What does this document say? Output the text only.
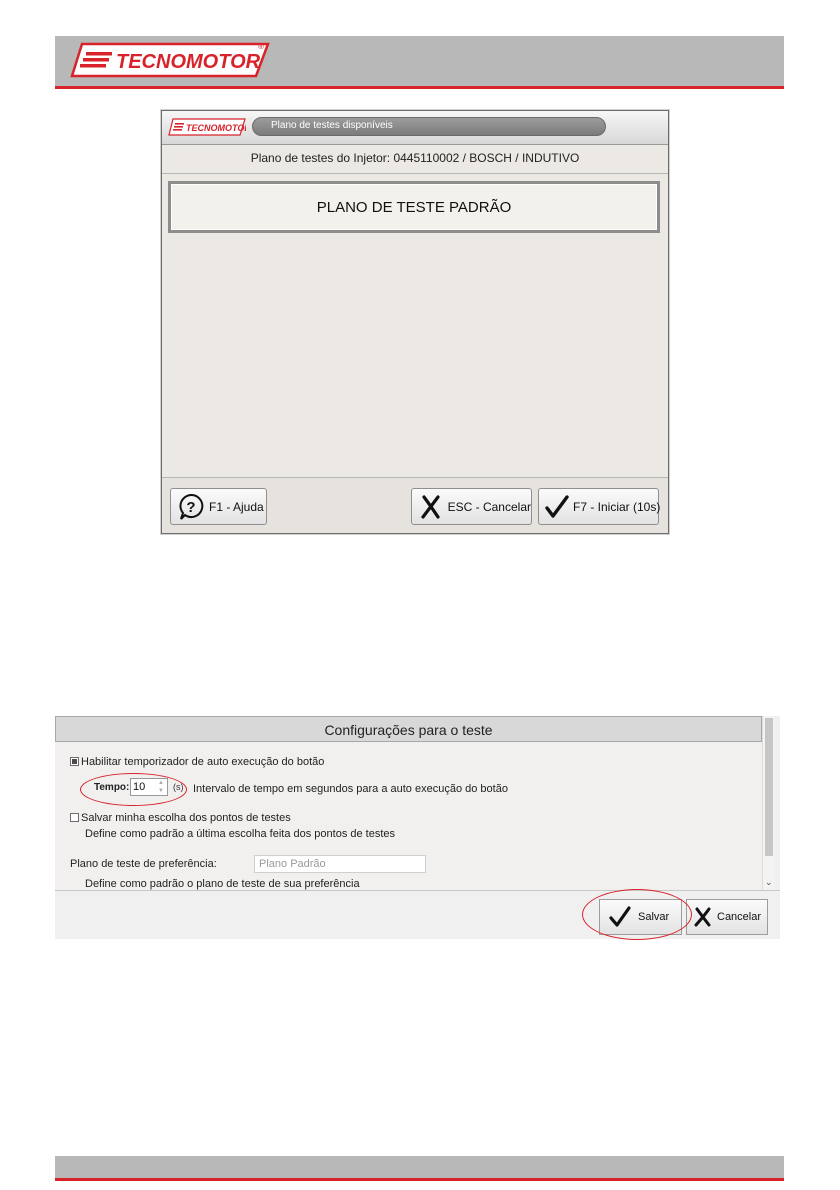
TECNOMOTOR
®
TECNOMOTOR Plano de testes disponíveis
Plano de testes do Injetor: 0445110002 / BOSCH / INDUTIVO
PLANO DE TESTE PADRÃO
? F1 - Ajuda	ESC - Cancelar	F7 - Iniciar (10s)
Configurações para o teste
⌄
Habilitar temporizador de auto execução do botão
Tempo: 10	▲
▼ (s) Intervalo de tempo em segundos para a auto execução do botão
Salvar minha escolha dos pontos de testes
Define como padrão a última escolha feita dos pontos de testes
Plano de teste de preferência:	Plano Padrão
Define como padrão o plano de teste de sua preferência
Salvar	Cancelar
